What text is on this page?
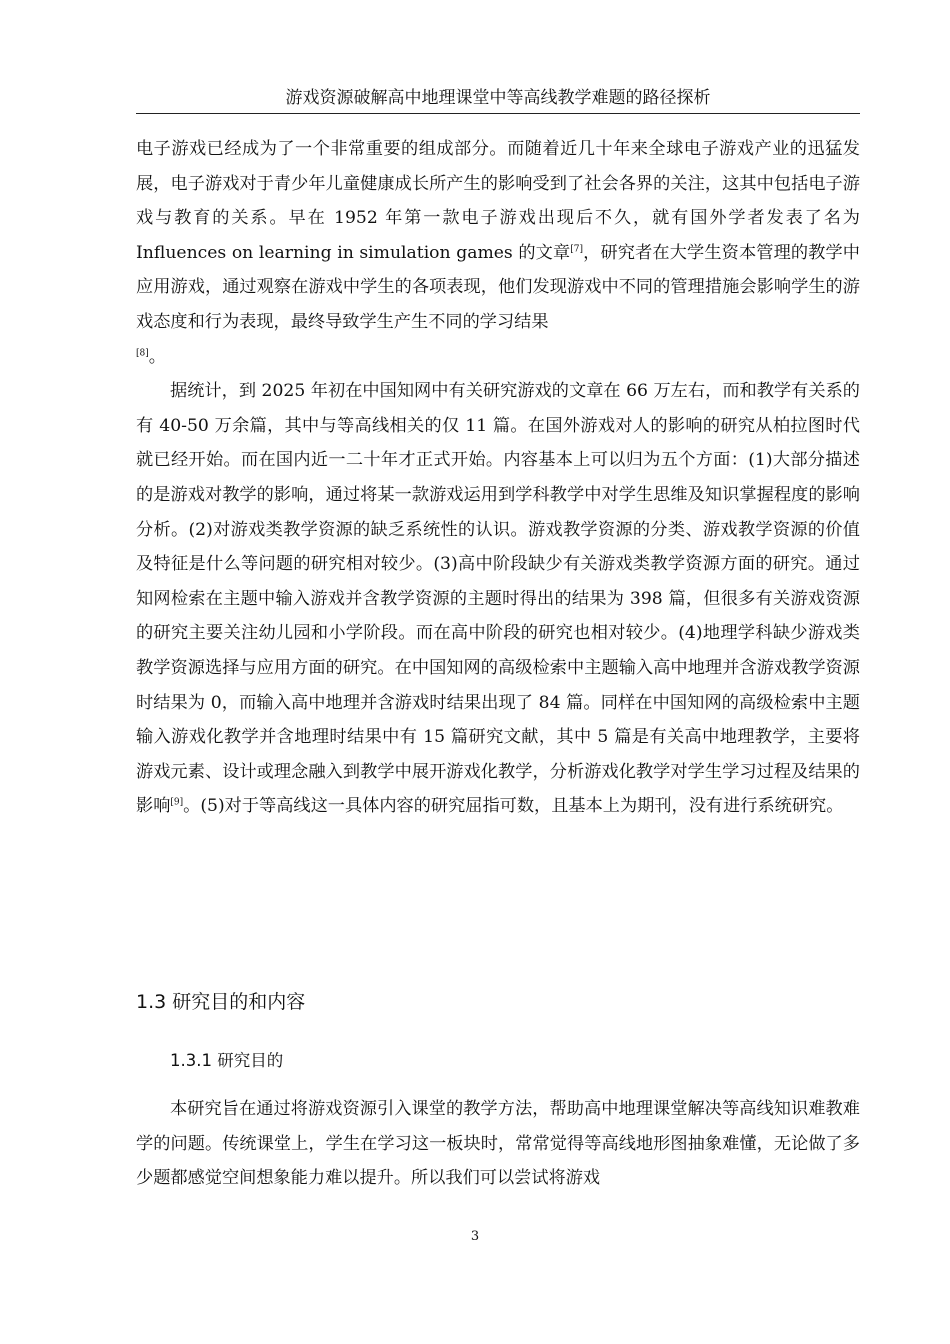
游戏资源破解高中地理课堂中等高线教学难题的路径探析

电子游戏已经成为了一个非常重要的组成部分。而随着近几十年来全球电子游戏产业的迅猛发展，电子游戏对于青少年儿童健康成长所产生的影响受到了社会各界的关注，这其中包括电子游戏与教育的关系。早在 1952 年第一款电子游戏出现后不久，就有国外学者发表了名为 Influences on learning in simulation games 的文章[7]，研究者在大学生资本管理的教学中应用游戏，通过观察在游戏中学生的各项表现，他们发现游戏中不同的管理措施会影响学生的游戏态度和行为表现，最终导致学生产生不同的学习结果
[8]。

据统计，到 2025 年初在中国知网中有关研究游戏的文章在 66 万左右，而和教学有关系的有 40-50 万余篇，其中与等高线相关的仅 11 篇。在国外游戏对人的影响的研究从柏拉图时代就已经开始。而在国内近一二十年才正式开始。内容基本上可以归为五个方面：(1)大部分描述的是游戏对教学的影响，通过将某一款游戏运用到学科教学中对学生思维及知识掌握程度的影响分析。(2)对游戏类教学资源的缺乏系统性的认识。游戏教学资源的分类、游戏教学资源的价值及特征是什么等问题的研究相对较少。(3)高中阶段缺少有关游戏类教学资源方面的研究。通过知网检索在主题中输入游戏并含教学资源的主题时得出的结果为 398 篇，但很多有关游戏资源的研究主要关注幼儿园和小学阶段。而在高中阶段的研究也相对较少。(4)地理学科缺少游戏类教学资源选择与应用方面的研究。在中国知网的高级检索中主题输入高中地理并含游戏教学资源时结果为 0，而输入高中地理并含游戏时结果出现了 84 篇。同样在中国知网的高级检索中主题输入游戏化教学并含地理时结果中有 15 篇研究文献，其中 5 篇是有关高中地理教学，主要将游戏元素、设计或理念融入到教学中展开游戏化教学，分析游戏化教学对学生学习过程及结果的影响[9]。(5)对于等高线这一具体内容的研究屈指可数，且基本上为期刊，没有进行系统研究。

1.3 研究目的和内容
1.3.1 研究目的

本研究旨在通过将游戏资源引入课堂的教学方法，帮助高中地理课堂解决等高线知识难教难学的问题。传统课堂上，学生在学习这一板块时，常常觉得等高线地形图抽象难懂，无论做了多少题都感觉空间想象能力难以提升。所以我们可以尝试将游戏

3
